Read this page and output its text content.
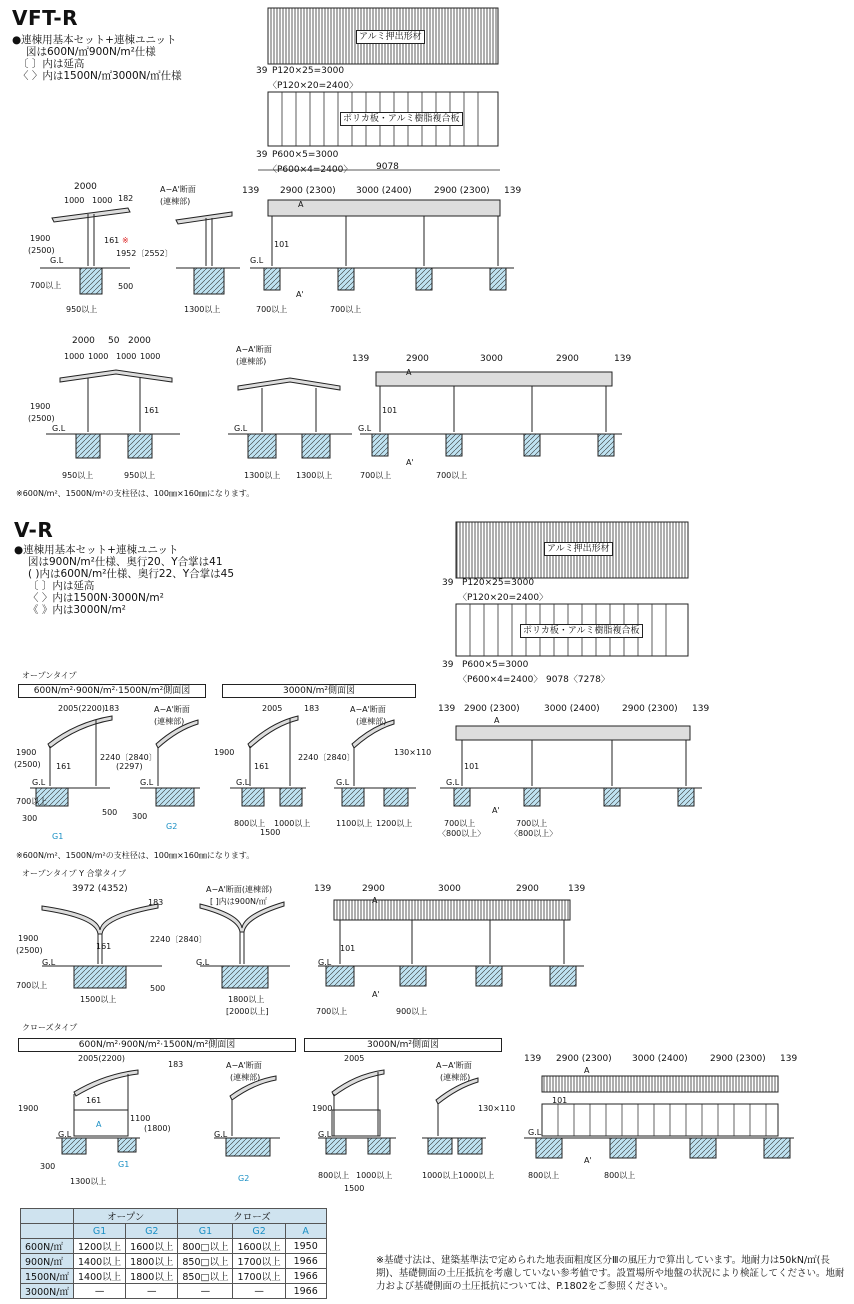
VFT-R
●連棟用基本セット+連棟ユニット
図は600N/㎡900N/m²仕様
〔 〕内は延高
〈 〉内は1500N/㎡3000N/㎡仕様
アルミ押出形材
39 P120×25=3000
〈P120×20=2400〉
ポリカ板・アルミ樹脂複合板
39 P600×5=3000
〈P600×4=2400〉	9078
2000
1000 1000 182
1900
(2500)
161 ※
1952〔2552〕
G.L
700以上	500
950以上
A−A'断面
(連棟部)
1300以上
139 2900 (2300) 3000 (2400) 2900 (2300) 139
A
A'
101
G.L
700以上	700以上
2000 50 2000
1000 1000 1000 1000
1900
(2500)
161
G.L
950以上	950以上
A−A'断面
(連棟部)
G.L
1300以上 1300以上
139	2900	3000	2900	139
A
A'
101
G.L
700以上	700以上
※600N/m²、1500N/m²の支柱径は、100㎜×160㎜になります。
V-R
●連棟用基本セット+連棟ユニット
図は900N/m²仕様、奥行20、Y合掌は41
( )内は600N/m²仕様、奥行22、Y合掌は45
〔 〕内は延高
〈 〉内は1500N·3000N/m²
《 》内は3000N/m²
アルミ押出形材
39 P120×25=3000
〈P120×20=2400〉
ポリカ板・アルミ樹脂複合板
39 P600×5=3000
〈P600×4=2400〉 9078〈7278〉
オープンタイプ
600N/m²·900N/m²·1500N/m²側面図	3000N/m²側面図
2005(2200) 183
1900
(2500) 161
2240〔2840〕
(2297)
G.L
700以上
500
300
G1
A−A'断面
(連棟部)
G.L
300
G2
2005	183
1900
161
2240〔2840〕
G.L
800以上 1000以上
1500
A−A'断面
(連棟部)
130×110
G.L
1100以上 1200以上
139 2900 (2300)	3000 (2400) 2900 (2300) 139
A
A'
101
G.L
700以上
〈800以上〉
700以上
〈800以上〉
※600N/m²、1500N/m²の支柱径は、100㎜×160㎜になります。
オープンタイプ Y 合掌タイプ
3972 (4352)
183
1900
(2500)	161
2240〔2840〕
G.L
700以上	500
1500以上
A−A'断面(連棟部)
[ ]内は900N/㎡
G.L
1800以上
[2000以上]
139	2900	3000	2900	139
A
A'
101
G.L
700以上	900以上
クローズタイプ
600N/m²·900N/m²·1500N/m²側面図	3000N/m²側面図
2005(2200)
183
1900
161
A
1100
(1800)
G.L
300	G1
1300以上
A−A'断面
(連棟部)
G.L
G2
2005
1900
G.L
800以上 1000以上
1500
A−A'断面
(連棟部)
130×110
1000以上 1000以上
139 2900 (2300) 3000 (2400) 2900 (2300) 139
A
A'
101
G.L
800以上	800以上
	オープン		クローズ		
	G1	G2	G1	G2	A
600N/㎡	1200以上	1600以上	800□以上	1600以上	1950
900N/㎡	1400以上	1800以上	850□以上	1700以上	1966
1500N/㎡	1400以上	1800以上	850□以上	1700以上	1966
3000N/㎡	—	—	—	—	1966
※基礎寸法は、建築基準法で定められた地表面粗度区分Ⅲの風圧力で算出しています。地耐力は50kN/㎡(長期)、基礎側面の土圧抵抗を考慮していない参考値です。設置場所や地盤の状況により検証してください。地耐力および基礎側面の土圧抵抗については、P.1802をご参照ください。
